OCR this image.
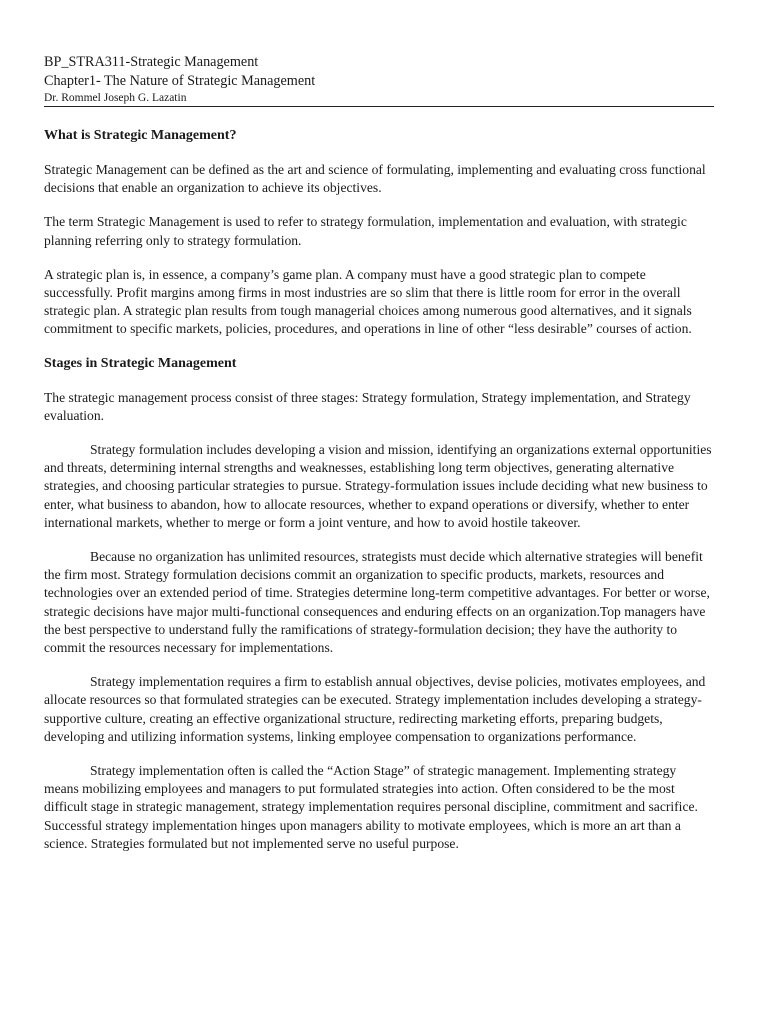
BP_STRA311-Strategic Management

Chapter1- The Nature of Strategic Management

Dr. Rommel Joseph G. Lazatin

What is Strategic Management?

Strategic Management can be defined as the art and science of formulating, implementing and evaluating cross functional decisions that enable an organization to achieve its objectives.

The term Strategic Management is used to refer to strategy formulation, implementation and evaluation, with strategic planning referring only to strategy formulation.

A strategic plan is, in essence, a company’s game plan. A company must have a good strategic plan to compete successfully. Profit margins among firms in most industries are so slim that there is little room for error in the overall strategic plan. A strategic plan results from tough managerial choices among numerous good alternatives, and it signals commitment to specific markets, policies, procedures, and operations in line of other “less desirable” courses of action.

Stages in Strategic Management

The strategic management process consist of three stages: Strategy formulation, Strategy implementation, and Strategy evaluation.

Strategy formulation includes developing a vision and mission, identifying an organizations external opportunities and threats, determining internal strengths and weaknesses, establishing long term objectives, generating alternative strategies, and choosing particular strategies to pursue. Strategy-formulation issues include deciding what new business to enter, what business to abandon, how to allocate resources, whether to expand operations or diversify, whether to enter international markets, whether to merge or form a joint venture, and how to avoid hostile takeover.

Because no organization has unlimited resources, strategists must decide which alternative strategies will benefit the firm most. Strategy formulation decisions commit an organization to specific products, markets, resources and technologies over an extended period of time. Strategies determine long-term competitive advantages. For better or worse, strategic decisions have major multi-functional consequences and enduring effects on an organization.Top managers have the best perspective to understand fully the ramifications of strategy-formulation decision; they have the authority to commit the resources necessary for implementations.

Strategy implementation requires a firm to establish annual objectives, devise policies, motivates employees, and allocate resources so that formulated strategies can be executed. Strategy implementation includes developing a strategy-supportive culture, creating an effective organizational structure, redirecting marketing efforts, preparing budgets, developing and utilizing information systems, linking employee compensation to organizations performance.

Strategy implementation often is called the “Action Stage” of strategic management. Implementing strategy means mobilizing employees and managers to put formulated strategies into action. Often considered to be the most difficult stage in strategic management, strategy implementation requires personal discipline, commitment and sacrifice. Successful strategy implementation hinges upon managers ability to motivate employees, which is more an art than a science. Strategies formulated but not implemented serve no useful purpose.
